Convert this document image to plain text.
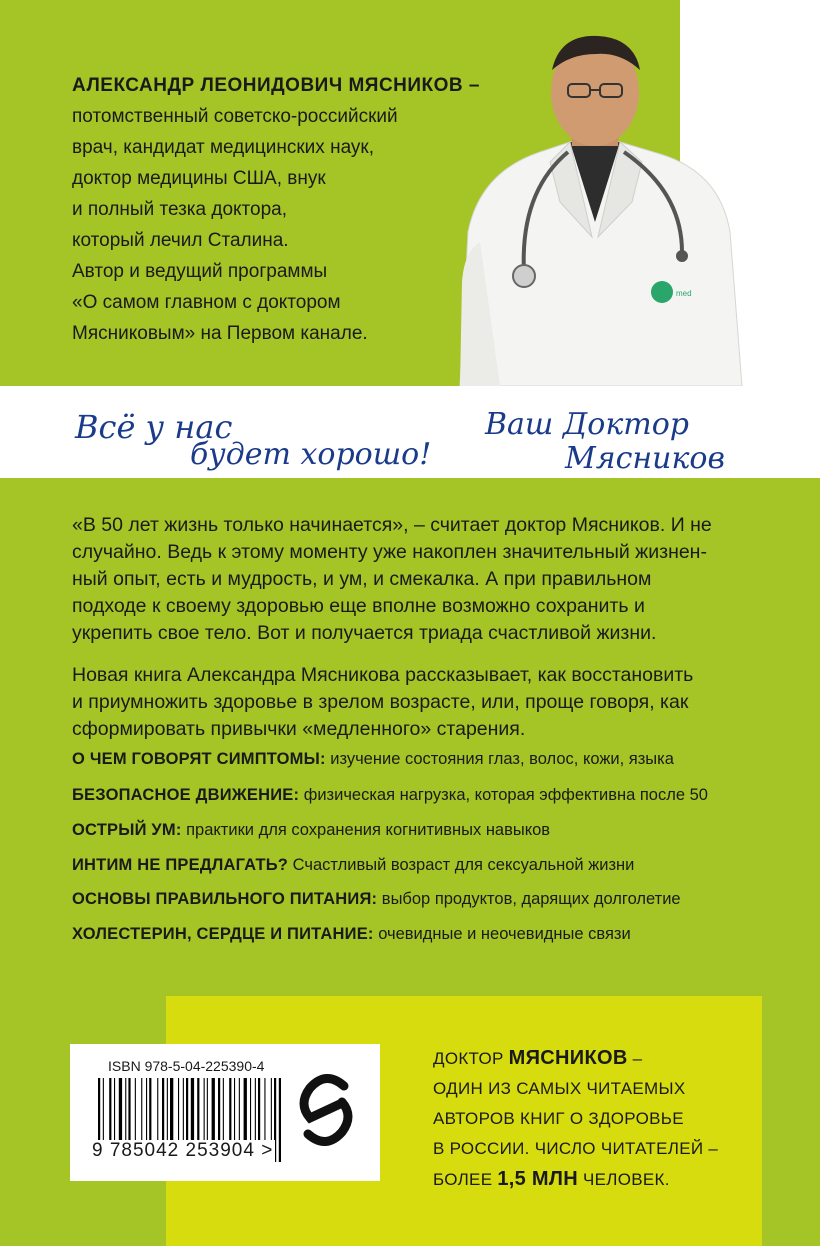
АЛЕКСАНДР ЛЕОНИДОВИЧ МЯСНИКОВ –
потомственный советско-российский
врач, кандидат медицинских наук,
доктор медицины США, внук
и полный тезка доктора,
который лечил Сталина.
Автор и ведущий программы
«О самом главном с доктором
Мясниковым» на Первом канале.
med
Всё у нас
будет хорошо!
Ваш Доктор
Мясников
«В 50 лет жизнь только начинается», – считает доктор Мясников. И не
случайно. Ведь к этому моменту уже накоплен значительный жизнен-
ный опыт, есть и мудрость, и ум, и смекалка. А при правильном
подходе к своему здоровью еще вполне возможно сохранить и
укрепить свое тело. Вот и получается триада счастливой жизни.
Новая книга Александра Мясникова рассказывает, как восстановить
и приумножить здоровье в зрелом возрасте, или, проще говоря, как
сформировать привычки «медленного» старения.
О ЧЕМ ГОВОРЯТ СИМПТОМЫ: изучение состояния глаз, волос, кожи, языка
БЕЗОПАСНОЕ ДВИЖЕНИЕ: физическая нагрузка, которая эффективна после 50
ОСТРЫЙ УМ: практики для сохранения когнитивных навыков
ИНТИМ НЕ ПРЕДЛАГАТЬ? Счастливый возраст для сексуальной жизни
ОСНОВЫ ПРАВИЛЬНОГО ПИТАНИЯ: выбор продуктов, дарящих долголетие
ХОЛЕСТЕРИН, СЕРДЦЕ И ПИТАНИЕ: очевидные и неочевидные связи
ISBN 978-5-04-225390-4
9 785042 253904 >
ДОКТОР МЯСНИКОВ –
ОДИН ИЗ САМЫХ ЧИТАЕМЫХ
АВТОРОВ КНИГ О ЗДОРОВЬЕ
В РОССИИ. ЧИСЛО ЧИТАТЕЛЕЙ –
БОЛЕЕ 1,5 МЛН ЧЕЛОВЕК.
